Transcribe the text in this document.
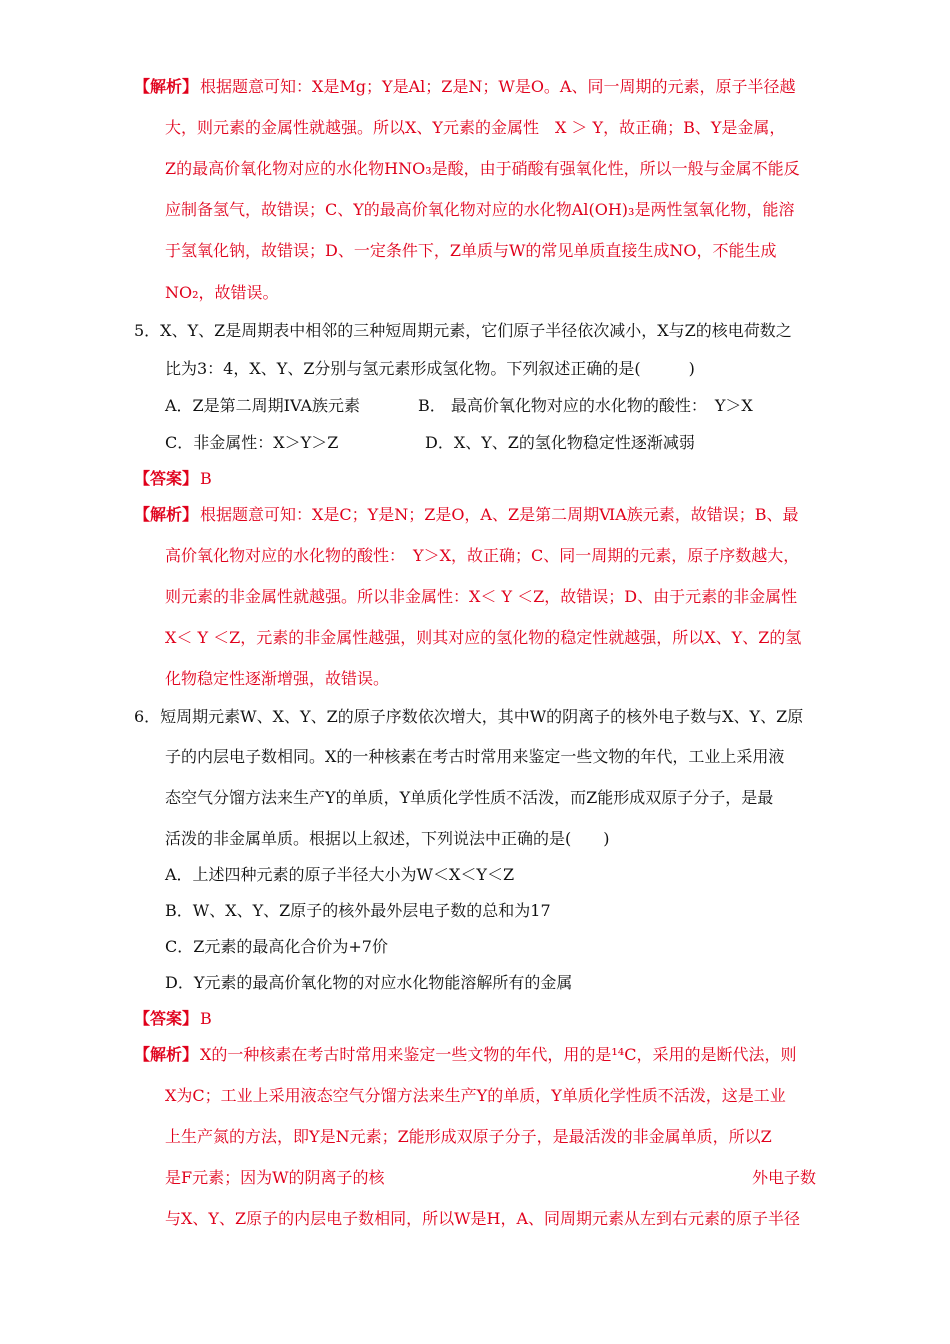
【解析】 根据题意可知：X是Mg；Y是Al；Z是N；W是O。A、同一周期的元素，原子半径越
大，则元素的金属性就越强。所以X、Y元素的金属性　X ＞ Y，故正确；B、Y是金属，
Z的最高价氧化物对应的水化物HNO₃是酸，由于硝酸有强氧化性，所以一般与金属不能反
应制备氢气，故错误；C、Y的最高价氧化物对应的水化物Al(OH)₃是两性氢氧化物，能溶
于氢氧化钠，故错误；D、一定条件下，Z单质与W的常见单质直接生成NO，不能生成
NO₂，故错误。
5．X、Y、Z是周期表中相邻的三种短周期元素，它们原子半径依次减小，X与Z的核电荷数之
比为3：4，X、Y、Z分别与氢元素形成氢化物。下列叙述正确的是(　　　)
A．Z是第二周期IVA族元素	B． 最高价氧化物对应的水化物的酸性：　Y＞X
C．非金属性：X＞Y＞Z	D．X、Y、Z的氢化物稳定性逐渐减弱
【答案】 B
【解析】 根据题意可知：X是C；Y是N；Z是O，A、Z是第二周期ⅥA族元素，故错误；B、最
高价氧化物对应的水化物的酸性：　Y＞X，故正确；C、同一周期的元素，原子序数越大，
则元素的非金属性就越强。所以非金属性：X＜ Y ＜Z，故错误；D、由于元素的非金属性
X＜ Y ＜Z，元素的非金属性越强，则其对应的氢化物的稳定性就越强，所以X、Y、Z的氢
化物稳定性逐渐增强，故错误。
6．短周期元素W、X、Y、Z的原子序数依次增大，其中W的阴离子的核外电子数与X、Y、Z原
子的内层电子数相同。X的一种核素在考古时常用来鉴定一些文物的年代，工业上采用液
态空气分馏方法来生产Y的单质，Y单质化学性质不活泼，而Z能形成双原子分子，是最
活泼的非金属单质。根据以上叙述，下列说法中正确的是(　　)
A．上述四种元素的原子半径大小为W＜X＜Y＜Z
B．W、X、Y、Z原子的核外最外层电子数的总和为17
C．Z元素的最高化合价为+7价
D．Y元素的最高价氧化物的对应水化物能溶解所有的金属
【答案】 B
【解析】 X的一种核素在考古时常用来鉴定一些文物的年代，用的是¹⁴C，采用的是断代法，则
X为C；工业上采用液态空气分馏方法来生产Y的单质，Y单质化学性质不活泼，这是工业
上生产氮的方法，即Y是N元素；Z能形成双原子分子，是最活泼的非金属单质，所以Z
是F元素；因为W的阴离子的核	外电子数
与X、Y、Z原子的内层电子数相同，所以W是H，A、同周期元素从左到右元素的原子半径
